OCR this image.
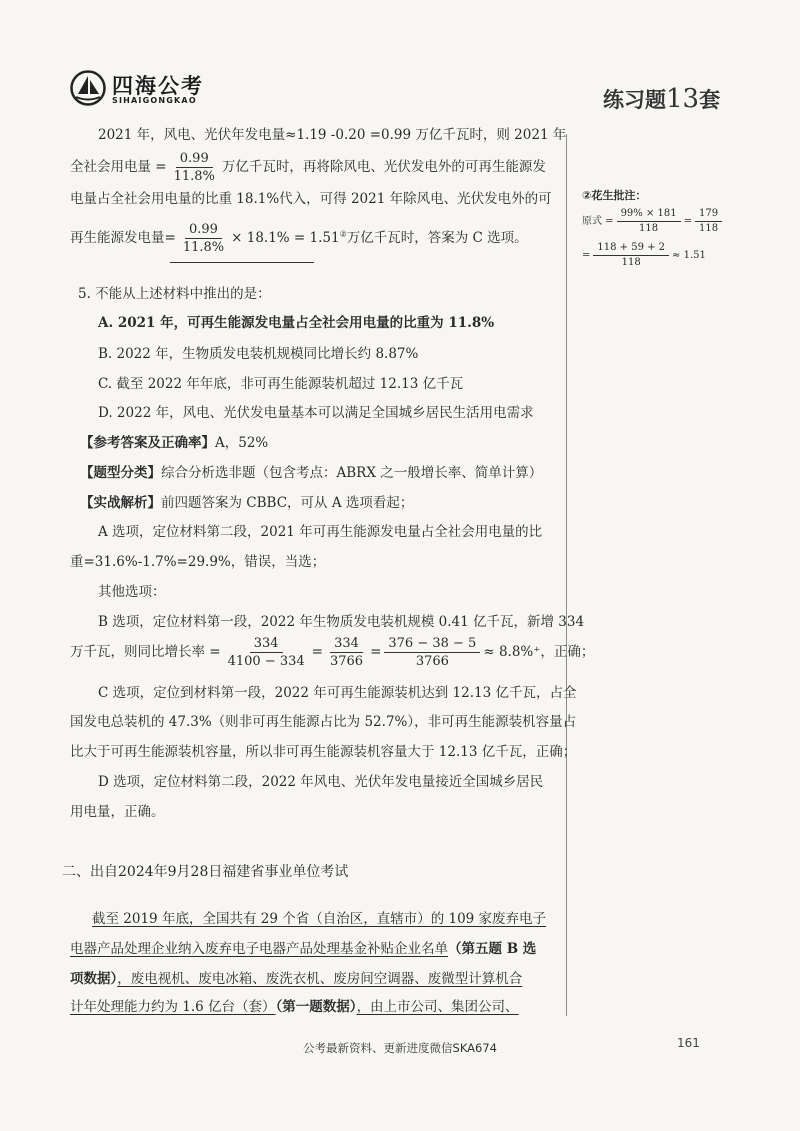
四海公考
SIHAIGONGKAO	练习题13套
2021 年，风电、光伏年发电量≈1.19 -0.20 =0.99 万亿千瓦时，则 2021 年
全社会用电量 = $\frac{0.99}{11.8\%}$ 万亿千瓦时，再将除风电、光伏发电外的可再生能源发
电量占全社会用电量的比重 18.1%代入，可得 2021 年除风电、光伏发电外的可
再生能源发电量= $\frac{0.99}{11.8\%} \times 18.1\% = 1.51^②$万亿千瓦时，答案为 C 选项。
5. 不能从上述材料中推出的是：
A. 2021 年，可再生能源发电量占全社会用电量的比重为 11.8%
B. 2022 年，生物质发电装机规模同比增长约 8.87%
C. 截至 2022 年年底，非可再生能源装机超过 12.13 亿千瓦
D. 2022 年，风电、光伏发电量基本可以满足全国城乡居民生活用电需求
【参考答案及正确率】A，52%
【题型分类】综合分析选非题（包含考点：ABRX 之一般增长率、简单计算）
【实战解析】前四题答案为 CBBC，可从 A 选项看起；
A 选项，定位材料第二段，2021 年可再生能源发电量占全社会用电量的比
重=31.6%-1.7%=29.9%，错误，当选；
其他选项：
B 选项，定位材料第一段，2022 年生物质发电装机规模 0.41 亿千瓦，新增 334
万千瓦，则同比增长率 = $\frac{334}{4100 - 334} = \frac{334}{3766} = \frac{376 - 38 - 5}{3766} \approx 8.8\%^+$，正确；
C 选项，定位到材料第一段，2022 年可再生能源装机达到 12.13 亿千瓦，占全
国发电总装机的 47.3%（则非可再生能源占比为 52.7%），非可再生能源装机容量占
比大于可再生能源装机容量，所以非可再生能源装机容量大于 12.13 亿千瓦，正确；
D 选项，定位材料第二段，2022 年风电、光伏年发电量接近全国城乡居民
用电量，正确。
二、出自2024年9月28日福建省事业单位考试
截至 2019 年底，全国共有 29 个省（自治区，直辖市）的 109 家废弃电子
电器产品处理企业纳入废弃电子电器产品处理基金补贴企业名单（第五题 B 选
项数据），废电视机、废电冰箱、废洗衣机、废房间空调器、废微型计算机合
计年处理能力约为 1.6 亿台（套）（第一题数据），由上市公司、集团公司、
②花生批注：
原式 = $\frac{99\% \times 181}{118} = \frac{179}{118}$
= $\frac{118 + 59 + 2}{118} \approx 1.51$
公考最新资料、更新进度微信SKA674	161
